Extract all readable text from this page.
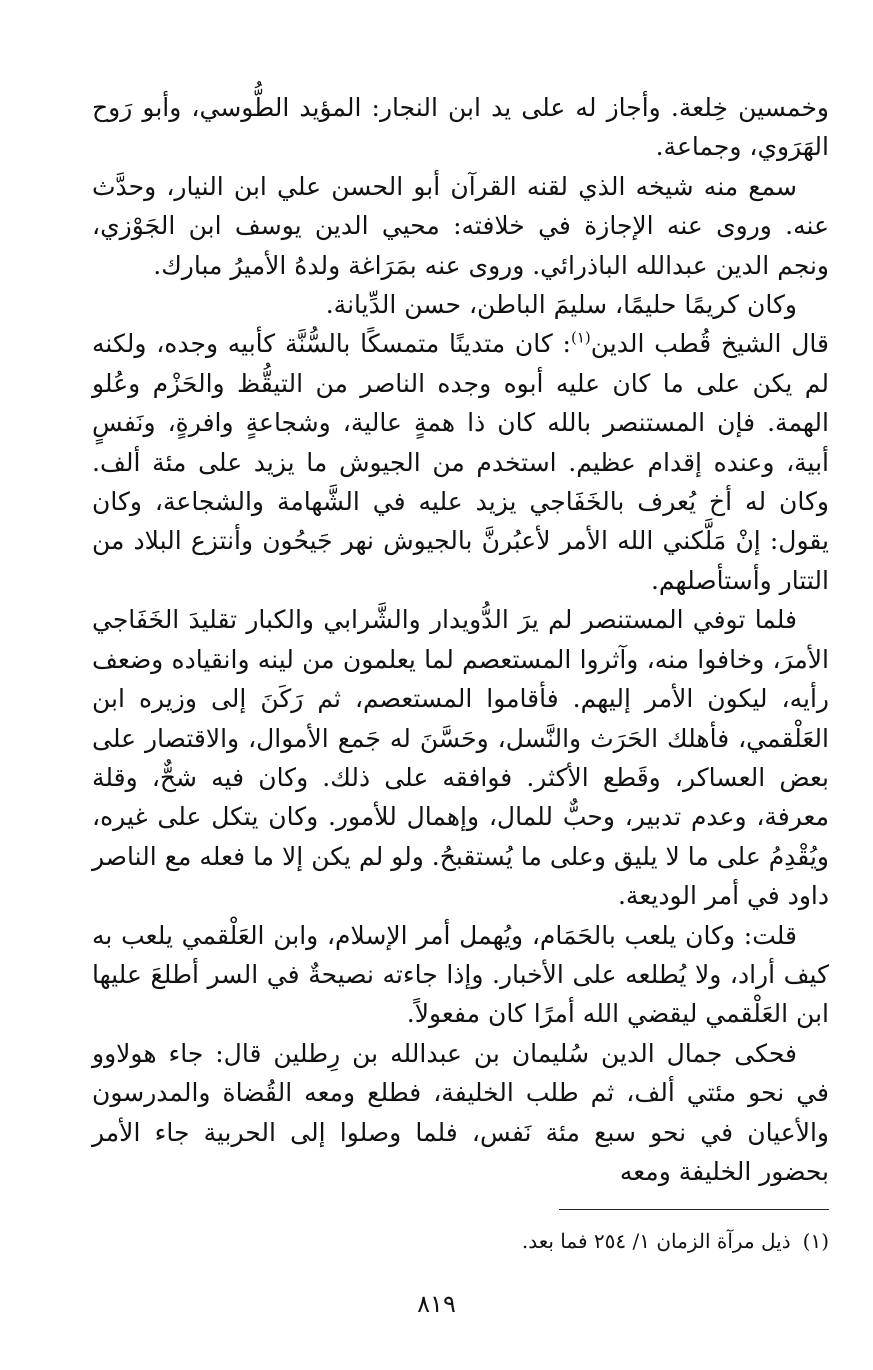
وخمسين خِلعة. وأجاز له على يد ابن النجار: المؤيد الطُّوسي، وأبو رَوح الهَرَوي، وجماعة.

سمع منه شيخه الذي لقنه القرآن أبو الحسن علي ابن النيار، وحدَّث عنه. وروى عنه الإجازة في خلافته: محيي الدين يوسف ابن الجَوْزي، ونجم الدين عبدالله الباذرائي. وروى عنه بمَرَاغة ولدهُ الأميرُ مبارك.

وكان كريمًا حليمًا، سليمَ الباطن، حسن الدِّيانة.

قال الشيخ قُطب الدين$^{(١)}$: كان متدينًا متمسكًا بالسُّنَّة كأبيه وجده، ولكنه لم يكن على ما كان عليه أبوه وجده الناصر من التيقُّظ والحَزْم وعُلو الهمة. فإن المستنصر بالله كان ذا همةٍ عالية، وشجاعةٍ وافرةٍ، ونَفسٍ أبية، وعنده إقدام عظيم. استخدم من الجيوش ما يزيد على مئة ألف. وكان له أخ يُعرف بالخَفَاجي يزيد عليه في الشَّهامة والشجاعة، وكان يقول: إنْ مَلَّكني الله الأمر لأعبُرنَّ بالجيوش نهر جَيحُون وأنتزع البلاد من التتار وأستأصلهم.

فلما توفي المستنصر لم يرَ الدُّويدار والشَّرابي والكبار تقليدَ الخَفَاجي الأمرَ، وخافوا منه، وآثروا المستعصم لما يعلمون من لينه وانقياده وضعف رأيه، ليكون الأمر إليهم. فأقاموا المستعصم، ثم رَكَنَ إلى وزيره ابن العَلْقمي، فأهلك الحَرَث والنَّسل، وحَسَّنَ له جَمع الأموال، والاقتصار على بعض العساكر، وقَطع الأكثر. فوافقه على ذلك. وكان فيه شحٌّ، وقلة معرفة، وعدم تدبير، وحبٌّ للمال، وإهمال للأمور. وكان يتكل على غيره، ويُقْدِمُ على ما لا يليق وعلى ما يُستقبحُ. ولو لم يكن إلا ما فعله مع الناصر داود في أمر الوديعة.

قلت: وكان يلعب بالحَمَام، ويُهمل أمر الإسلام، وابن العَلْقمي يلعب به كيف أراد، ولا يُطلعه على الأخبار. وإذا جاءته نصيحةٌ في السر أطلعَ عليها ابن العَلْقمي ليقضي الله أمرًا كان مفعولاً.

فحكى جمال الدين سُليمان بن عبدالله بن رِطلين قال: جاء هولاوو في نحو مئتي ألف، ثم طلب الخليفة، فطلع ومعه القُضاة والمدرسون والأعيان في نحو سبع مئة نَفس، فلما وصلوا إلى الحربية جاء الأمر بحضور الخليفة ومعه

(١)ذيل مرآة الزمان ١/ ٢٥٤ فما بعد.
٨١٩
